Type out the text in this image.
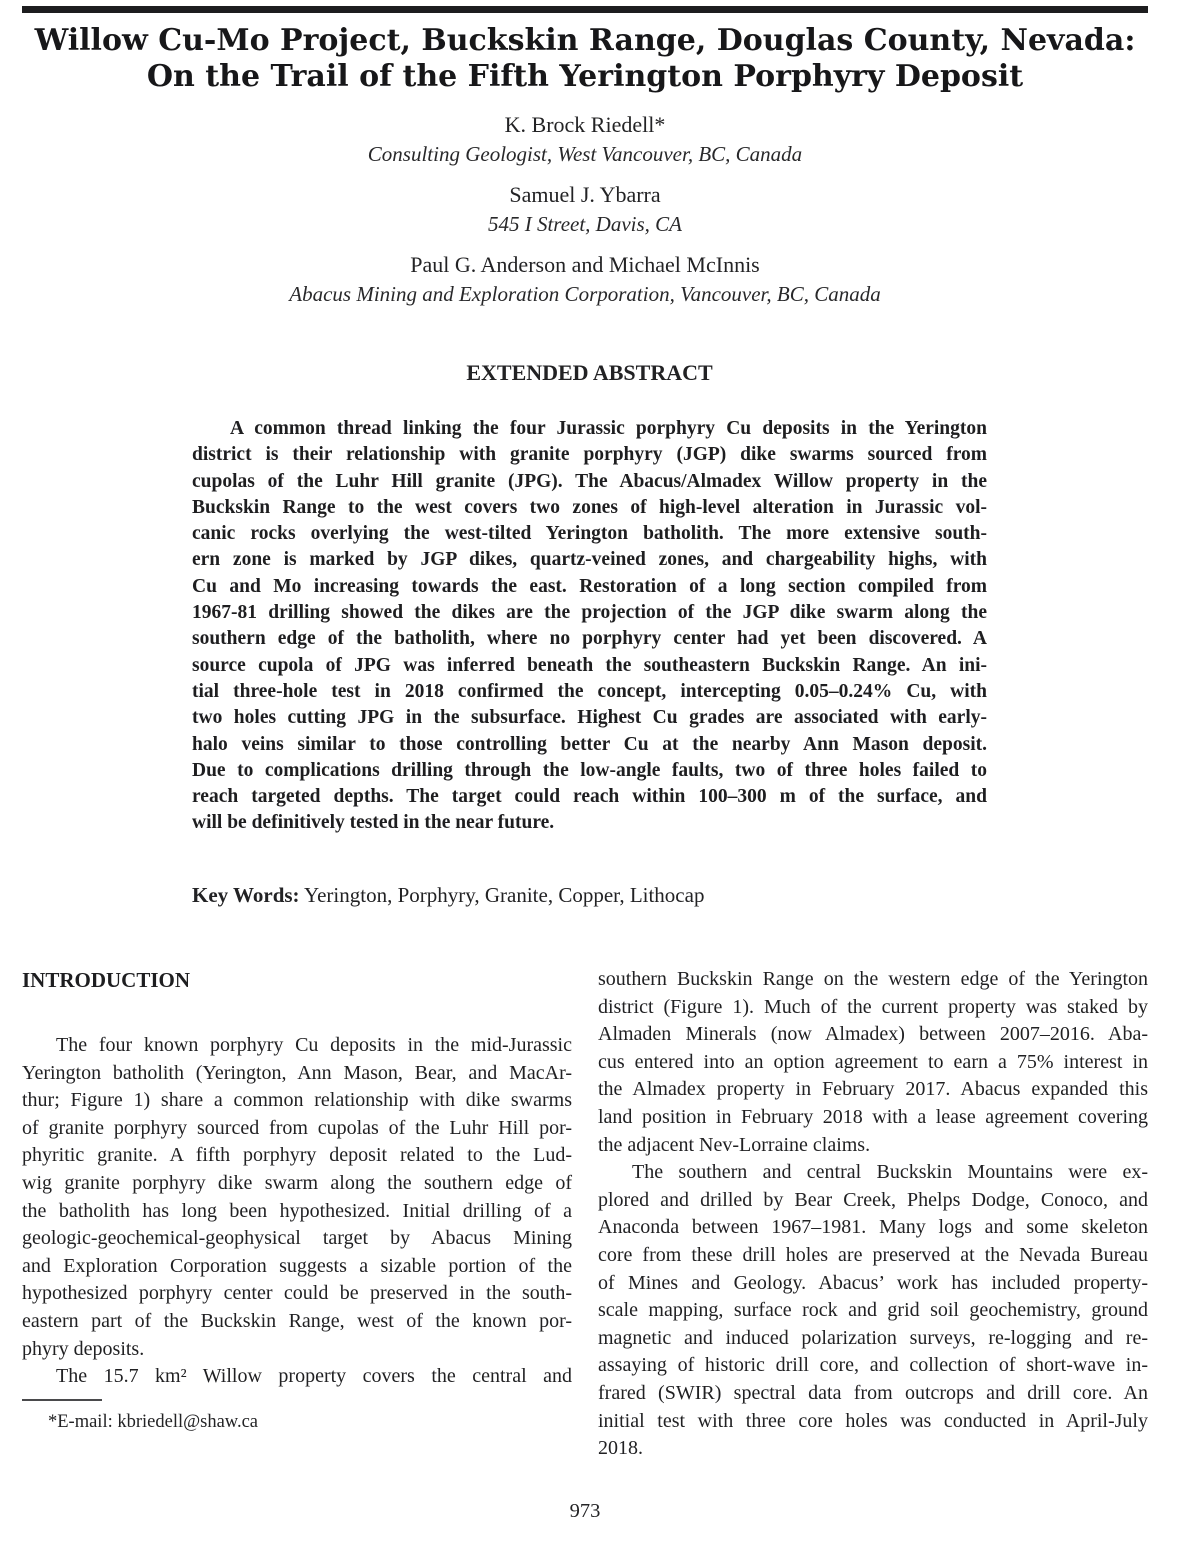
Willow Cu-Mo Project, Buckskin Range, Douglas County, Nevada:
On the Trail of the Fifth Yerington Porphyry Deposit
K. Brock Riedell*
Consulting Geologist, West Vancouver, BC, Canada
Samuel J. Ybarra
545 I Street, Davis, CA
Paul G. Anderson and Michael McInnis
Abacus Mining and Exploration Corporation, Vancouver, BC, Canada
EXTENDED ABSTRACT
A common thread linking the four Jurassic porphyry Cu deposits in the Yerington
district is their relationship with granite porphyry (JGP) dike swarms sourced from
cupolas of the Luhr Hill granite (JPG). The Abacus/Almadex Willow property in the
Buckskin Range to the west covers two zones of high-level alteration in Jurassic vol-
canic rocks overlying the west-tilted Yerington batholith. The more extensive south-
ern zone is marked by JGP dikes, quartz-veined zones, and chargeability highs, with
Cu and Mo increasing towards the east. Restoration of a long section compiled from
1967-81 drilling showed the dikes are the projection of the JGP dike swarm along the
southern edge of the batholith, where no porphyry center had yet been discovered. A
source cupola of JPG was inferred beneath the southeastern Buckskin Range. An ini-
tial three-hole test in 2018 confirmed the concept, intercepting 0.05–0.24% Cu, with
two holes cutting JPG in the subsurface. Highest Cu grades are associated with early-
halo veins similar to those controlling better Cu at the nearby Ann Mason deposit.
Due to complications drilling through the low-angle faults, two of three holes failed to
reach targeted depths. The target could reach within 100–300 m of the surface, and
will be definitively tested in the near future.

Key Words: Yerington, Porphyry, Granite, Copper, Lithocap

INTRODUCTION
The four known porphyry Cu deposits in the mid-Jurassic
Yerington batholith (Yerington, Ann Mason, Bear, and MacAr-
thur; Figure 1) share a common relationship with dike swarms
of granite porphyry sourced from cupolas of the Luhr Hill por-
phyritic granite. A fifth porphyry deposit related to the Lud-
wig granite porphyry dike swarm along the southern edge of
the batholith has long been hypothesized. Initial drilling of a
geologic-geochemical-geophysical target by Abacus Mining
and Exploration Corporation suggests a sizable portion of the
hypothesized porphyry center could be preserved in the south-
eastern part of the Buckskin Range, west of the known por-
phyry deposits.
The 15.7 km² Willow property covers the central and
southern Buckskin Range on the western edge of the Yerington
district (Figure 1). Much of the current property was staked by
Almaden Minerals (now Almadex) between 2007–2016. Aba-
cus entered into an option agreement to earn a 75% interest in
the Almadex property in February 2017. Abacus expanded this
land position in February 2018 with a lease agreement covering
the adjacent Nev-Lorraine claims.
The southern and central Buckskin Mountains were ex-
plored and drilled by Bear Creek, Phelps Dodge, Conoco, and
Anaconda between 1967–1981. Many logs and some skeleton
core from these drill holes are preserved at the Nevada Bureau
of Mines and Geology. Abacus’ work has included property-
scale mapping, surface rock and grid soil geochemistry, ground
magnetic and induced polarization surveys, re-logging and re-
assaying of historic drill core, and collection of short-wave in-
frared (SWIR) spectral data from outcrops and drill core. An
initial test with three core holes was conducted in April-July
2018.
*E-mail: kbriedell@shaw.ca
973
